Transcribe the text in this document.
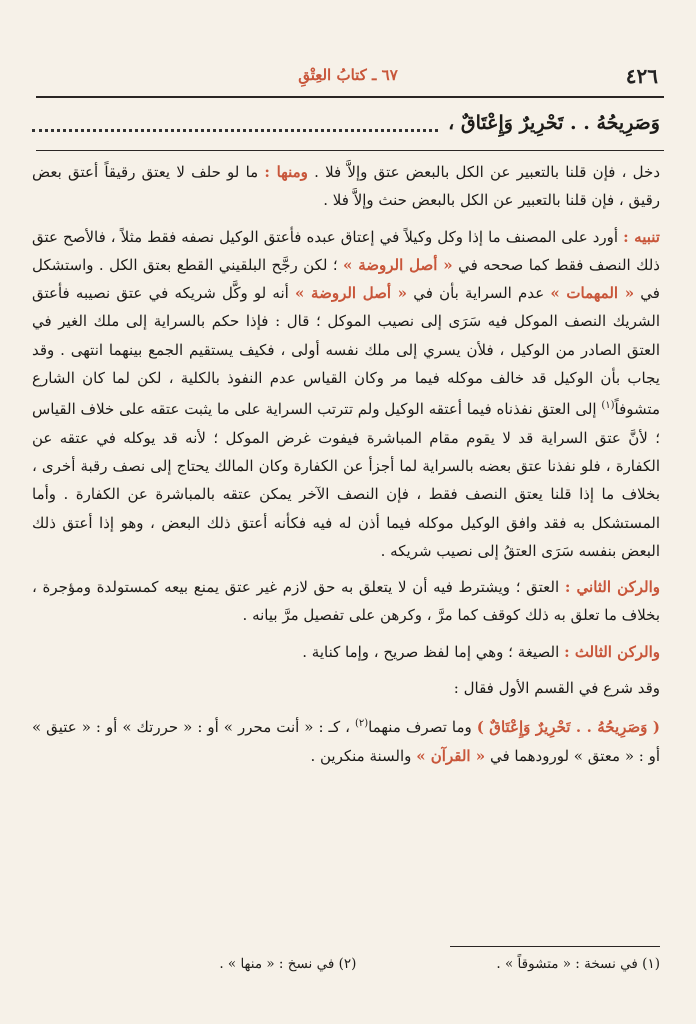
٤٢٦
٦٧ ـ كتابُ العِتْقِ
وَصَرِيحُهُ . . تَحْرِيرٌ وَإِعْتَاقٌ ،

دخل ، فإن قلنا بالتعبير عن الكل بالبعض عتق وإلاَّ فلا . ومنها : ما لو حلف لا يعتق رقيقاً أعتق بعض رقيق ، فإن قلنا بالتعبير عن الكل بالبعض حنث وإلاَّ فلا .

تنبيه : أورد على المصنف ما إذا وكل وكيلاً في إعتاق عبده فأعتق الوكيل نصفه فقط مثلاً ، فالأصح عتق ذلك النصف فقط كما صححه في « أصل الروضة » ؛ لكن رجَّح البلقيني القطع بعتق الكل . واستشكل في « المهمات » عدم السراية بأن في « أصل الروضة » أنه لو وكَّل شريكه في عتق نصيبه فأعتق الشريك النصف الموكل فيه سَرَى إلى نصيب الموكل ؛ قال : فإذا حكم بالسراية إلى ملك الغير في العتق الصادر من الوكيل ، فلأن يسري إلى ملك نفسه أولى ، فكيف يستقيم الجمع بينهما انتهى . وقد يجاب بأن الوكيل قد خالف موكله فيما مر وكان القياس عدم النفوذ بالكلية ، لكن لما كان الشارع متشوفاً$^{(١)}$ إلى العتق نفذناه فيما أعتقه الوكيل ولم تترتب السراية على ما يثبت عتقه على خلاف القياس ؛ لأنَّ عتق السراية قد لا يقوم مقام المباشرة فيفوت غرض الموكل ؛ لأنه قد يوكله في عتقه عن الكفارة ، فلو نفذنا عتق بعضه بالسراية لما أجزأ عن الكفارة وكان المالك يحتاج إلى نصف رقبة أخرى ، بخلاف ما إذا قلنا يعتق النصف فقط ، فإن النصف الآخر يمكن عتقه بالمباشرة عن الكفارة . وأما المستشكل به فقد وافق الوكيل موكله فيما أذن له فيه فكأنه أعتق ذلك البعض ، وهو إذا أعتق ذلك البعض بنفسه سَرَى العتقُ إلى نصيب شريكه .

والركن الثاني : العتق ؛ ويشترط فيه أن لا يتعلق به حق لازم غير عتق يمنع بيعه كمستولدة ومؤجرة ، بخلاف ما تعلق به ذلك كوقف كما مرَّ ، وكرهن على تفصيل مرَّ بيانه .

والركن الثالث : الصيغة ؛ وهي إما لفظ صريح ، وإما كناية .

وقد شرع في القسم الأول فقال :

( وَصَرِيحُهُ . . تَحْرِيرٌ وَإِعْتَاقٌ ) وما تصرف منهما$^{(٢)}$ ، كـ : « أنت محرر » أو : « حررتك » أو : « عتيق » أو : « معتق » لورودهما في « القرآن » والسنة منكرين .

(١) في نسخة : « متشوقاً » .
(٢) في نسخ : « منها » .
